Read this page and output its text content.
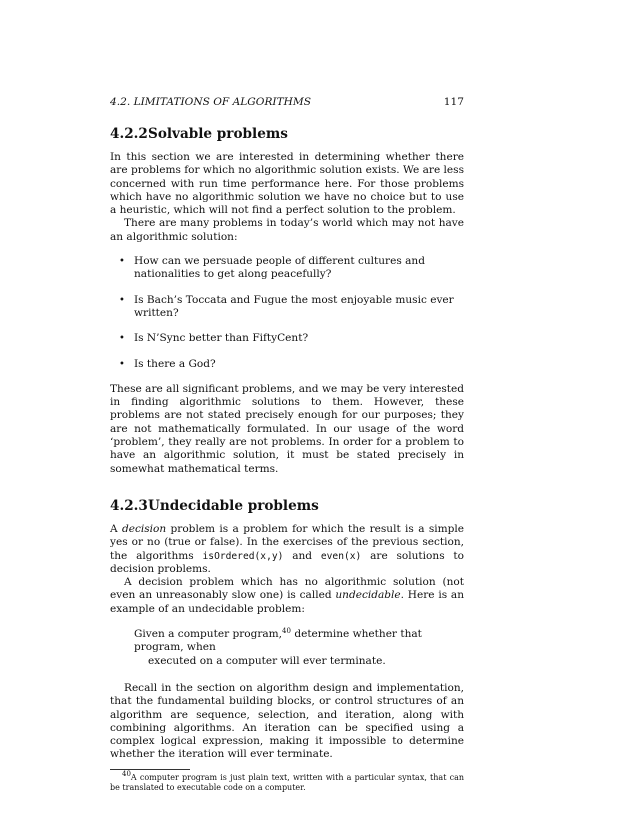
4.2. LIMITATIONS OF ALGORITHMS	117
4.2.2Solvable problems

In this section we are interested in determining whether there are problems for which no algorithmic solution exists. We are less concerned with run time performance here. For those problems which have no algorithmic solution we have no choice but to use a heuristic, which will not find a perfect solution to the problem.

There are many problems in today’s world which may not have an algorithmic solution:

• How can we persuade people of different cultures and nationalities to get along peacefully?
• Is Bach’s Toccata and Fugue the most enjoyable music ever written?
• Is N’Sync better than FiftyCent?
• Is there a God?

These are all significant problems, and we may be very interested in finding algorithmic solutions to them. However, these problems are not stated precisely enough for our purposes; they are not mathematically formulated. In our usage of the word ‘problem’, they really are not problems. In order for a problem to have an algorithmic solution, it must be stated precisely in somewhat mathematical terms.

4.2.3Undecidable problems

A decision problem is a problem for which the result is a simple yes or no (true or false). In the exercises of the previous section, the algorithms isOrdered(x,y) and even(x) are solutions to decision problems.

A decision problem which has no algorithmic solution (not even an unreasonably slow one) is called undecidable. Here is an example of an undecidable problem:

Given a computer program,$^{40}$ determine whether that program, when
executed on a computer will ever terminate.

Recall in the section on algorithm design and implementation, that the fundamental building blocks, or control structures of an algorithm are sequence, selection, and iteration, along with combining algorithms. An iteration can be specified using a complex logical expression, making it impossible to determine whether the iteration will ever terminate.

$^{40}$A computer program is just plain text, written with a particular syntax, that can be translated to executable code on a computer.
